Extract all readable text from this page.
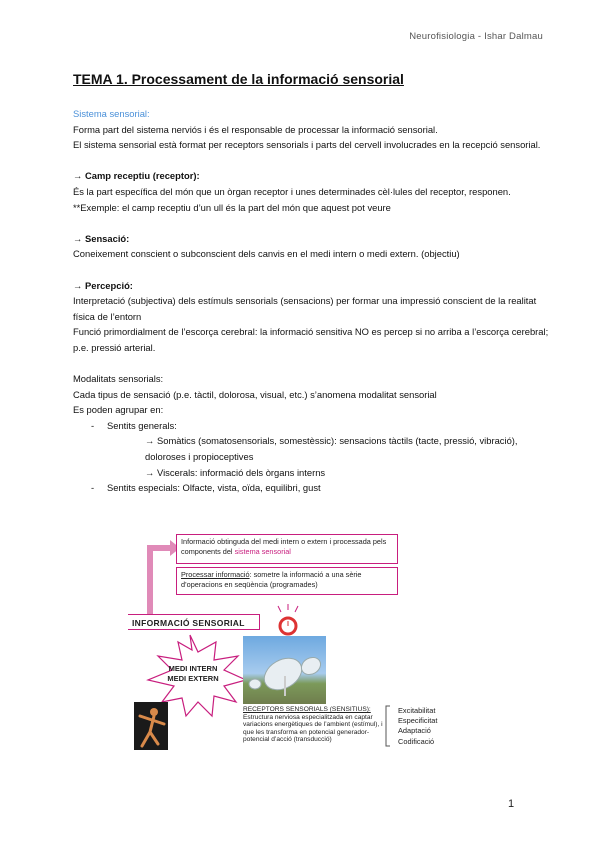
Neurofisiologia - Ishar Dalmau
TEMA 1. Processament de la informació sensorial

Sistema sensorial:

Forma part del sistema nerviós i és el responsable de processar la informació sensorial.

El sistema sensorial està format per receptors sensorials i parts del cervell involucrades en la recepció sensorial.

→ Camp receptiu (receptor):

És la part específica del món que un òrgan receptor i unes determinades cèl·lules del receptor, responen. **Exemple: el camp receptiu d’un ull és la part del món que aquest pot veure

→ Sensació:

Coneixement conscient o subconscient dels canvis en el medi intern o medi extern. (objectiu)

→ Percepció:

Interpretació (subjectiva) dels estímuls sensorials (sensacions) per formar una impressió conscient de la realitat física de l’entorn

Funció primordialment de l’escorça cerebral: la informació sensitiva NO es percep si no arriba a l’escorça cerebral; p.e. pressió arterial.

Modalitats sensorials:

Cada tipus de sensació (p.e. tàctil, dolorosa, visual, etc.) s’anomena modalitat sensorial

Es poden agrupar en:

- Sentits generals:

→ Somàtics (somatosensorials, somestèssic): sensacions tàctils (tacte, pressió, vibració), doloroses i propioceptives

→ Viscerals: informació dels òrgans interns

- Sentits especials: Olfacte, vista, oïda, equilibri, gust

Informació obtinguda del medi intern o extern i processada pels components del sistema sensorial
Processar informació: sometre la informació a una sèrie d’operacions en seqüència (programades)
INFORMACIÓ SENSORIAL
MEDI INTERN
MEDI EXTERN
RECEPTORS SENSORIALS (SENSITIUS):
Estructura nerviosa especialitzada en captar variacions energètiques de l’ambient (estímul), i que les transforma en potencial generador-potencial d’acció (transducció)
Excitabilitat
Especificitat
Adaptació
Codificació
1
